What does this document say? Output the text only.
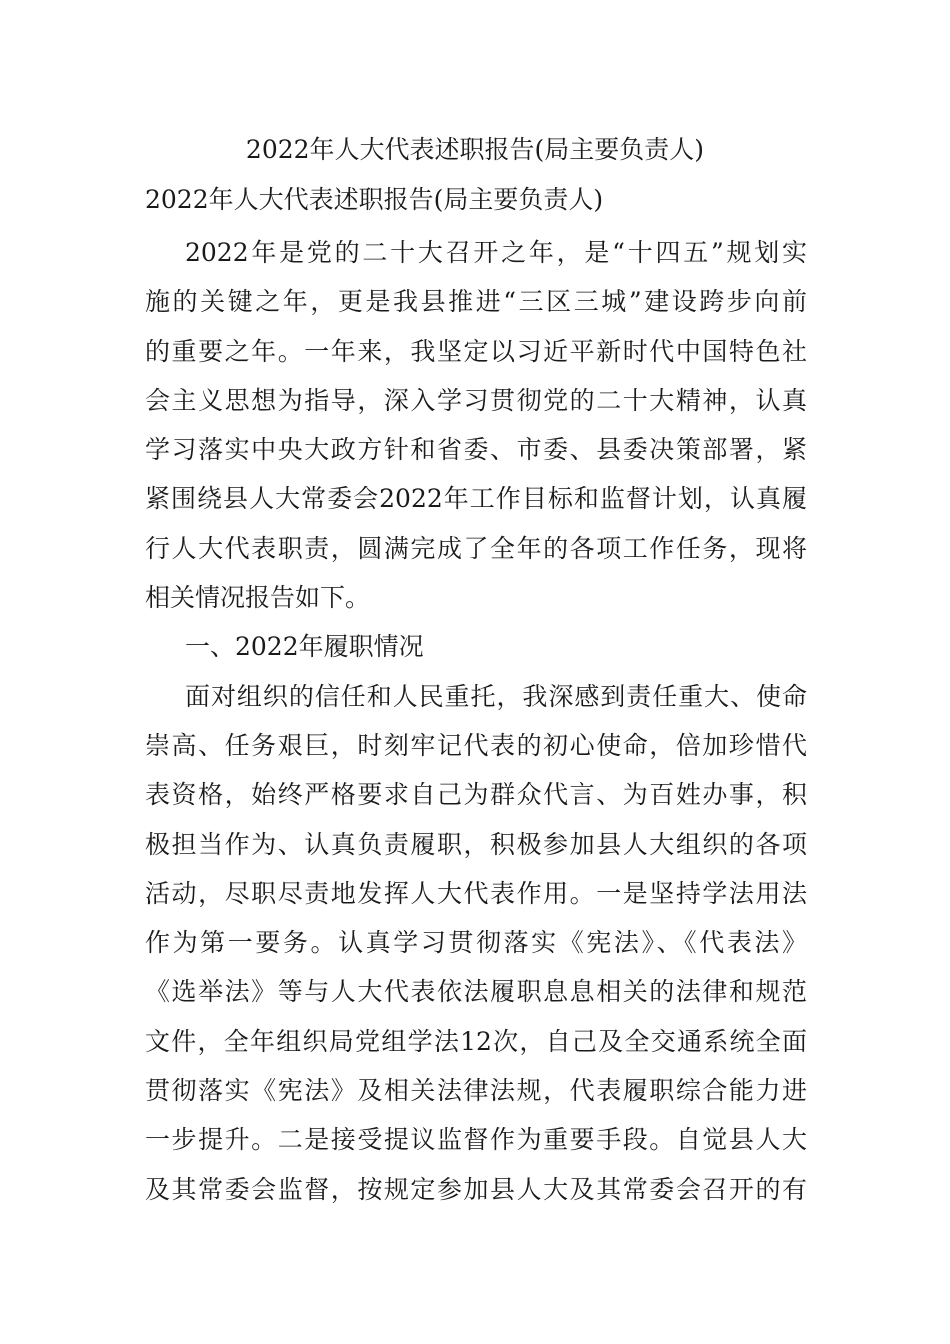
2022年人大代表述职报告(局主要负责人)
2022年人大代表述职报告(局主要负责人)
2022年是党的二十大召开之年，是“十四五”规划实
施的关键之年，更是我县推进“三区三城”建设跨步向前
的重要之年。一年来，我坚定以习近平新时代中国特色社
会主义思想为指导，深入学习贯彻党的二十大精神，认真
学习落实中央大政方针和省委、市委、县委决策部署，紧
紧围绕县人大常委会2022年工作目标和监督计划，认真履
行人大代表职责，圆满完成了全年的各项工作任务，现将
相关情况报告如下。
一、2022年履职情况
面对组织的信任和人民重托，我深感到责任重大、使命
崇高、任务艰巨，时刻牢记代表的初心使命，倍加珍惜代
表资格，始终严格要求自己为群众代言、为百姓办事，积
极担当作为、认真负责履职，积极参加县人大组织的各项
活动，尽职尽责地发挥人大代表作用。一是坚持学法用法
作为第一要务。认真学习贯彻落实《宪法》、《代表法》
《选举法》等与人大代表依法履职息息相关的法律和规范
文件，全年组织局党组学法12次，自己及全交通系统全面
贯彻落实《宪法》及相关法律法规，代表履职综合能力进
一步提升。二是接受提议监督作为重要手段。自觉县人大
及其常委会监督，按规定参加县人大及其常委会召开的有
